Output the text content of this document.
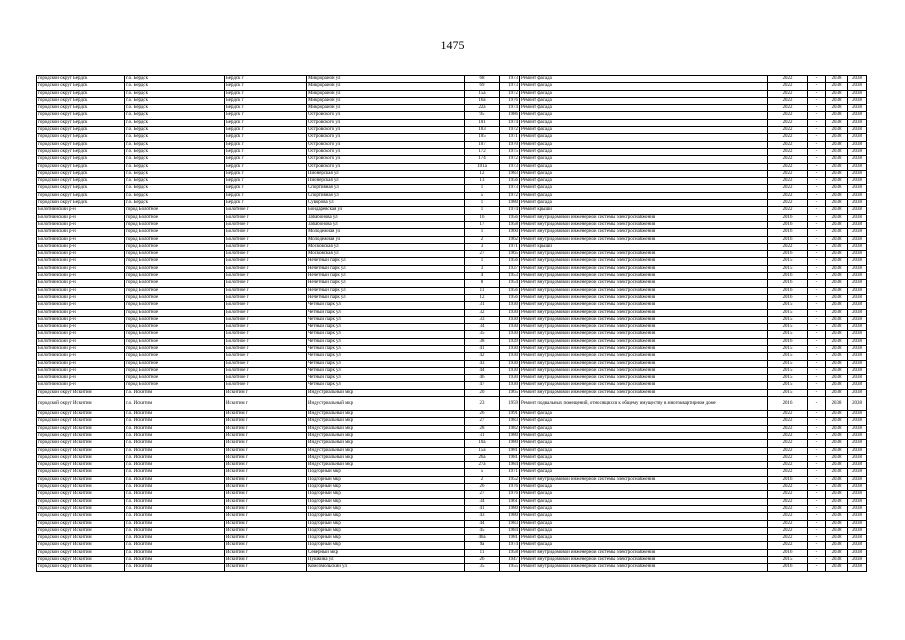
1475
городской округ Бердск	г.о. Бердск	Бердск г	Микрорайон ул	68	1973	Ремонт фасада	2022	-	2038	2038
городской округ Бердск	г.о. Бердск	Бердск г	Микрорайон ул	69	1973	Ремонт фасада	2022	-	2038	2038
городской округ Бердск	г.о. Бердск	Бердск г	Микрорайон ул	15а	1972	Ремонт фасада	2022	-	2038	2038
городской округ Бердск	г.о. Бердск	Бердск г	Микрорайон ул	16а	1976	Ремонт фасада	2022	-	2038	2038
городской округ Бердск	г.о. Бердск	Бердск г	Микрорайон ул	22а	1974	Ремонт фасада	2022	-	2038	2038
городской округ Бердск	г.о. Бердск	Бердск г	Островского ул	95	1986	Ремонт фасада	2022	-	2038	2038
городской округ Бердск	г.о. Бердск	Бердск г	Островского ул	101	1974	Ремонт фасада	2022	-	2038	2038
городской округ Бердск	г.о. Бердск	Бердск г	Островского ул	103	1972	Ремонт фасада	2022	-	2038	2038
городской округ Бердск	г.о. Бердск	Бердск г	Островского ул	105	1971	Ремонт фасада	2022	-	2038	2038
городской округ Бердск	г.о. Бердск	Бердск г	Островского ул	107	1970	Ремонт фасада	2022	-	2038	2038
городской округ Бердск	г.о. Бердск	Бердск г	Островского ул	172	1975	Ремонт фасада	2022	-	2038	2038
городской округ Бердск	г.о. Бердск	Бердск г	Островского ул	174	1972	Ремонт фасада	2022	-	2038	2038
городской округ Бердск	г.о. Бердск	Бердск г	Островского ул	101а	1973	Ремонт фасада	2022	-	2038	2038
городской округ Бердск	г.о. Бердск	Бердск г	Пионерская ул	12	1983	Ремонт фасада	2022	-	2038	2038
городской округ Бердск	г.о. Бердск	Бердск г	Пионерская ул	13	1956	Ремонт фасада	2022	-	2038	2038
городской округ Бердск	г.о. Бердск	Бердск г	Спортивная ул	1	1973	Ремонт фасада	2022	-	2038	2038
городской округ Бердск	г.о. Бердск	Бердск г	Спортивная ул	5	1972	Ремонт фасада	2022	-	2038	2038
городской округ Бердск	г.о. Бердск	Бердск г	Суворова ул	1	1980	Ремонт фасада	2022	-	2038	2038
Болотнинский р-н	город Болотное	Болотное г	Бондаревская ул	1	1974	Ремонт крыши	2022	-	2038	2038
Болотнинский р-н	город Болотное	Болотное г	Забабонова ул	16	1956	Ремонт внутридомовой инженерной системы электроснабжения	2016	-	2038	2038
Болотнинский р-н	город Болотное	Болотное г	Забабонова ул	17	1958	Ремонт внутридомовой инженерной системы электроснабжения	2016	-	2038	2038
Болотнинский р-н	город Болотное	Болотное г	Молодежная ул	1	1960	Ремонт внутридомовой инженерной системы электроснабжения	2016	-	2038	2038
Болотнинский р-н	город Болотное	Болотное г	Молодежная ул	2	1962	Ремонт внутридомовой инженерной системы электроснабжения	2016	-	2038	2038
Болотнинский р-н	город Болотное	Болотное г	Московская ул	3	1971	Ремонт крыши	2022	-	2038	2038
Болотнинский р-н	город Болотное	Болотное г	Московская ул	27	1965	Ремонт внутридомовой инженерной системы электроснабжения	2016	-	2038	2038
Болотнинский р-н	город Болотное	Болотное г	Нечетный парк ул	1	1956	Ремонт внутридомовой инженерной системы электроснабжения	2015	-	2038	2038
Болотнинский р-н	город Болотное	Болотное г	Нечетный парк ул	3	1937	Ремонт внутридомовой инженерной системы электроснабжения	2015	-	2038	2038
Болотнинский р-н	город Болотное	Болотное г	Нечетный парк ул	4	1953	Ремонт внутридомовой инженерной системы электроснабжения	2016	-	2038	2038
Болотнинский р-н	город Болотное	Болотное г	Нечетный парк ул	8	1954	Ремонт внутридомовой инженерной системы электроснабжения	2016	-	2038	2038
Болотнинский р-н	город Болотное	Болотное г	Нечетный парк ул	11	1956	Ремонт внутридомовой инженерной системы электроснабжения	2016	-	2038	2038
Болотнинский р-н	город Болотное	Болотное г	Нечетный парк ул	12	1956	Ремонт внутридомовой инженерной системы электроснабжения	2016	-	2038	2038
Болотнинский р-н	город Болотное	Болотное г	Четный парк ул	31	1930	Ремонт внутридомовой инженерной системы электроснабжения	2015	-	2038	2038
Болотнинский р-н	город Болотное	Болотное г	Четный парк ул	32	1930	Ремонт внутридомовой инженерной системы электроснабжения	2015	-	2038	2038
Болотнинский р-н	город Болотное	Болотное г	Четный парк ул	33	1930	Ремонт внутридомовой инженерной системы электроснабжения	2015	-	2038	2038
Болотнинский р-н	город Болотное	Болотное г	Четный парк ул	34	1930	Ремонт внутридомовой инженерной системы электроснабжения	2015	-	2038	2038
Болотнинский р-н	город Болотное	Болотное г	Четный парк ул	35	1930	Ремонт внутридомовой инженерной системы электроснабжения	2015	-	2038	2038
Болотнинский р-н	город Болотное	Болотное г	Четный парк ул	38	1939	Ремонт внутридомовой инженерной системы электроснабжения	2016	-	2038	2038
Болотнинский р-н	город Болотное	Болотное г	Четный парк ул	41	1930	Ремонт внутридомовой инженерной системы электроснабжения	2015	-	2038	2038
Болотнинский р-н	город Болотное	Болотное г	Четный парк ул	42	1930	Ремонт внутридомовой инженерной системы электроснабжения	2015	-	2038	2038
Болотнинский р-н	город Болотное	Болотное г	Четный парк ул	43	1930	Ремонт внутридомовой инженерной системы электроснабжения	2015	-	2038	2038
Болотнинский р-н	город Болотное	Болотное г	Четный парк ул	44	1930	Ремонт внутридомовой инженерной системы электроснабжения	2015	-	2038	2038
Болотнинский р-н	город Болотное	Болотное г	Четный парк ул	46	1930	Ремонт внутридомовой инженерной системы электроснабжения	2015	-	2038	2038
Болотнинский р-н	город Болотное	Болотное г	Четный парк ул	47	1930	Ремонт внутридомовой инженерной системы электроснабжения	2015	-	2038	2038
городской округ Искитим	г.о. Искитим	Искитим г	Индустриальный мкр	20	1965	Ремонт внутридомовой инженерной системы электроснабжения	2015	-	2038	2038
городской округ Искитим	г.о. Искитим	Искитим г	Индустриальный мкр	23	1959	Ремонт подвальных помещений, относящихся к общему имуществу в многоквартирном доме	2016	-	2038	2038
городской округ Искитим	г.о. Искитим	Искитим г	Индустриальный мкр	26	1991	Ремонт фасада	2022	-	2038	2038
городской округ Искитим	г.о. Искитим	Искитим г	Индустриальный мкр	27	1983	Ремонт фасада	2022	-	2038	2038
городской округ Искитим	г.о. Искитим	Искитим г	Индустриальный мкр	28	1982	Ремонт фасада	2022	-	2038	2038
городской округ Искитим	г.о. Искитим	Искитим г	Индустриальный мкр	31	1980	Ремонт фасада	2022	-	2038	2038
городской округ Искитим	г.о. Искитим	Искитим г	Индустриальный мкр	10а	1980	Ремонт фасада	2022	-	2038	2038
городской округ Искитим	г.о. Искитим	Искитим г	Индустриальный мкр	15а	1981	Ремонт фасада	2022	-	2038	2038
городской округ Искитим	г.о. Искитим	Искитим г	Индустриальный мкр	26а	1981	Ремонт фасада	2022	-	2038	2038
городской округ Искитим	г.о. Искитим	Искитим г	Индустриальный мкр	27а	1984	Ремонт фасада	2022	-	2038	2038
городской округ Искитим	г.о. Искитим	Искитим г	Подгорный мкр	5	1971	Ремонт фасада	2022	-	2038	2038
городской округ Искитим	г.о. Искитим	Искитим г	Подгорный мкр	2	1952	Ремонт внутридомовой инженерной системы электроснабжения	2016	-	2038	2038
городской округ Искитим	г.о. Искитим	Искитим г	Подгорный мкр	26	1976	Ремонт фасада	2022	-	2038	2038
городской округ Искитим	г.о. Искитим	Искитим г	Подгорный мкр	27	1976	Ремонт фасада	2022	-	2038	2038
городской округ Искитим	г.о. Искитим	Искитим г	Подгорный мкр	34	1961	Ремонт фасада	2022	-	2038	2038
городской округ Искитим	г.о. Искитим	Искитим г	Подгорный мкр	41	1980	Ремонт фасада	2022	-	2038	2038
городской округ Искитим	г.о. Искитим	Искитим г	Подгорный мкр	43	1980	Ремонт фасада	2022	-	2038	2038
городской округ Искитим	г.о. Искитим	Искитим г	Подгорный мкр	44	1983	Ремонт фасада	2022	-	2038	2038
городской округ Искитим	г.о. Искитим	Искитим г	Подгорный мкр	45	1984	Ремонт фасада	2022	-	2038	2038
городской округ Искитим	г.о. Искитим	Искитим г	Подгорный мкр	46а	1981	Ремонт фасада	2022	-	2038	2038
городской округ Искитим	г.о. Искитим	Искитим г	Подгорный мкр	9а	1974	Ремонт фасада	2022	-	2038	2038
городской округ Искитим	г.о. Искитим	Искитим г	Северный мкр	11	1958	Ремонт внутридомовой инженерной системы электроснабжения	2016	-	2038	2038
городской округ Искитим	г.о. Искитим	Искитим г	Пушкина ул	26	1947	Ремонт внутридомовой инженерной системы электроснабжения	2015	-	2038	2038
городской округ Искитим	г.о. Искитим	Искитим г	Комсомольский ул	35	1955	Ремонт внутридомовой инженерной системы электроснабжения	2016	-	2038	2038
